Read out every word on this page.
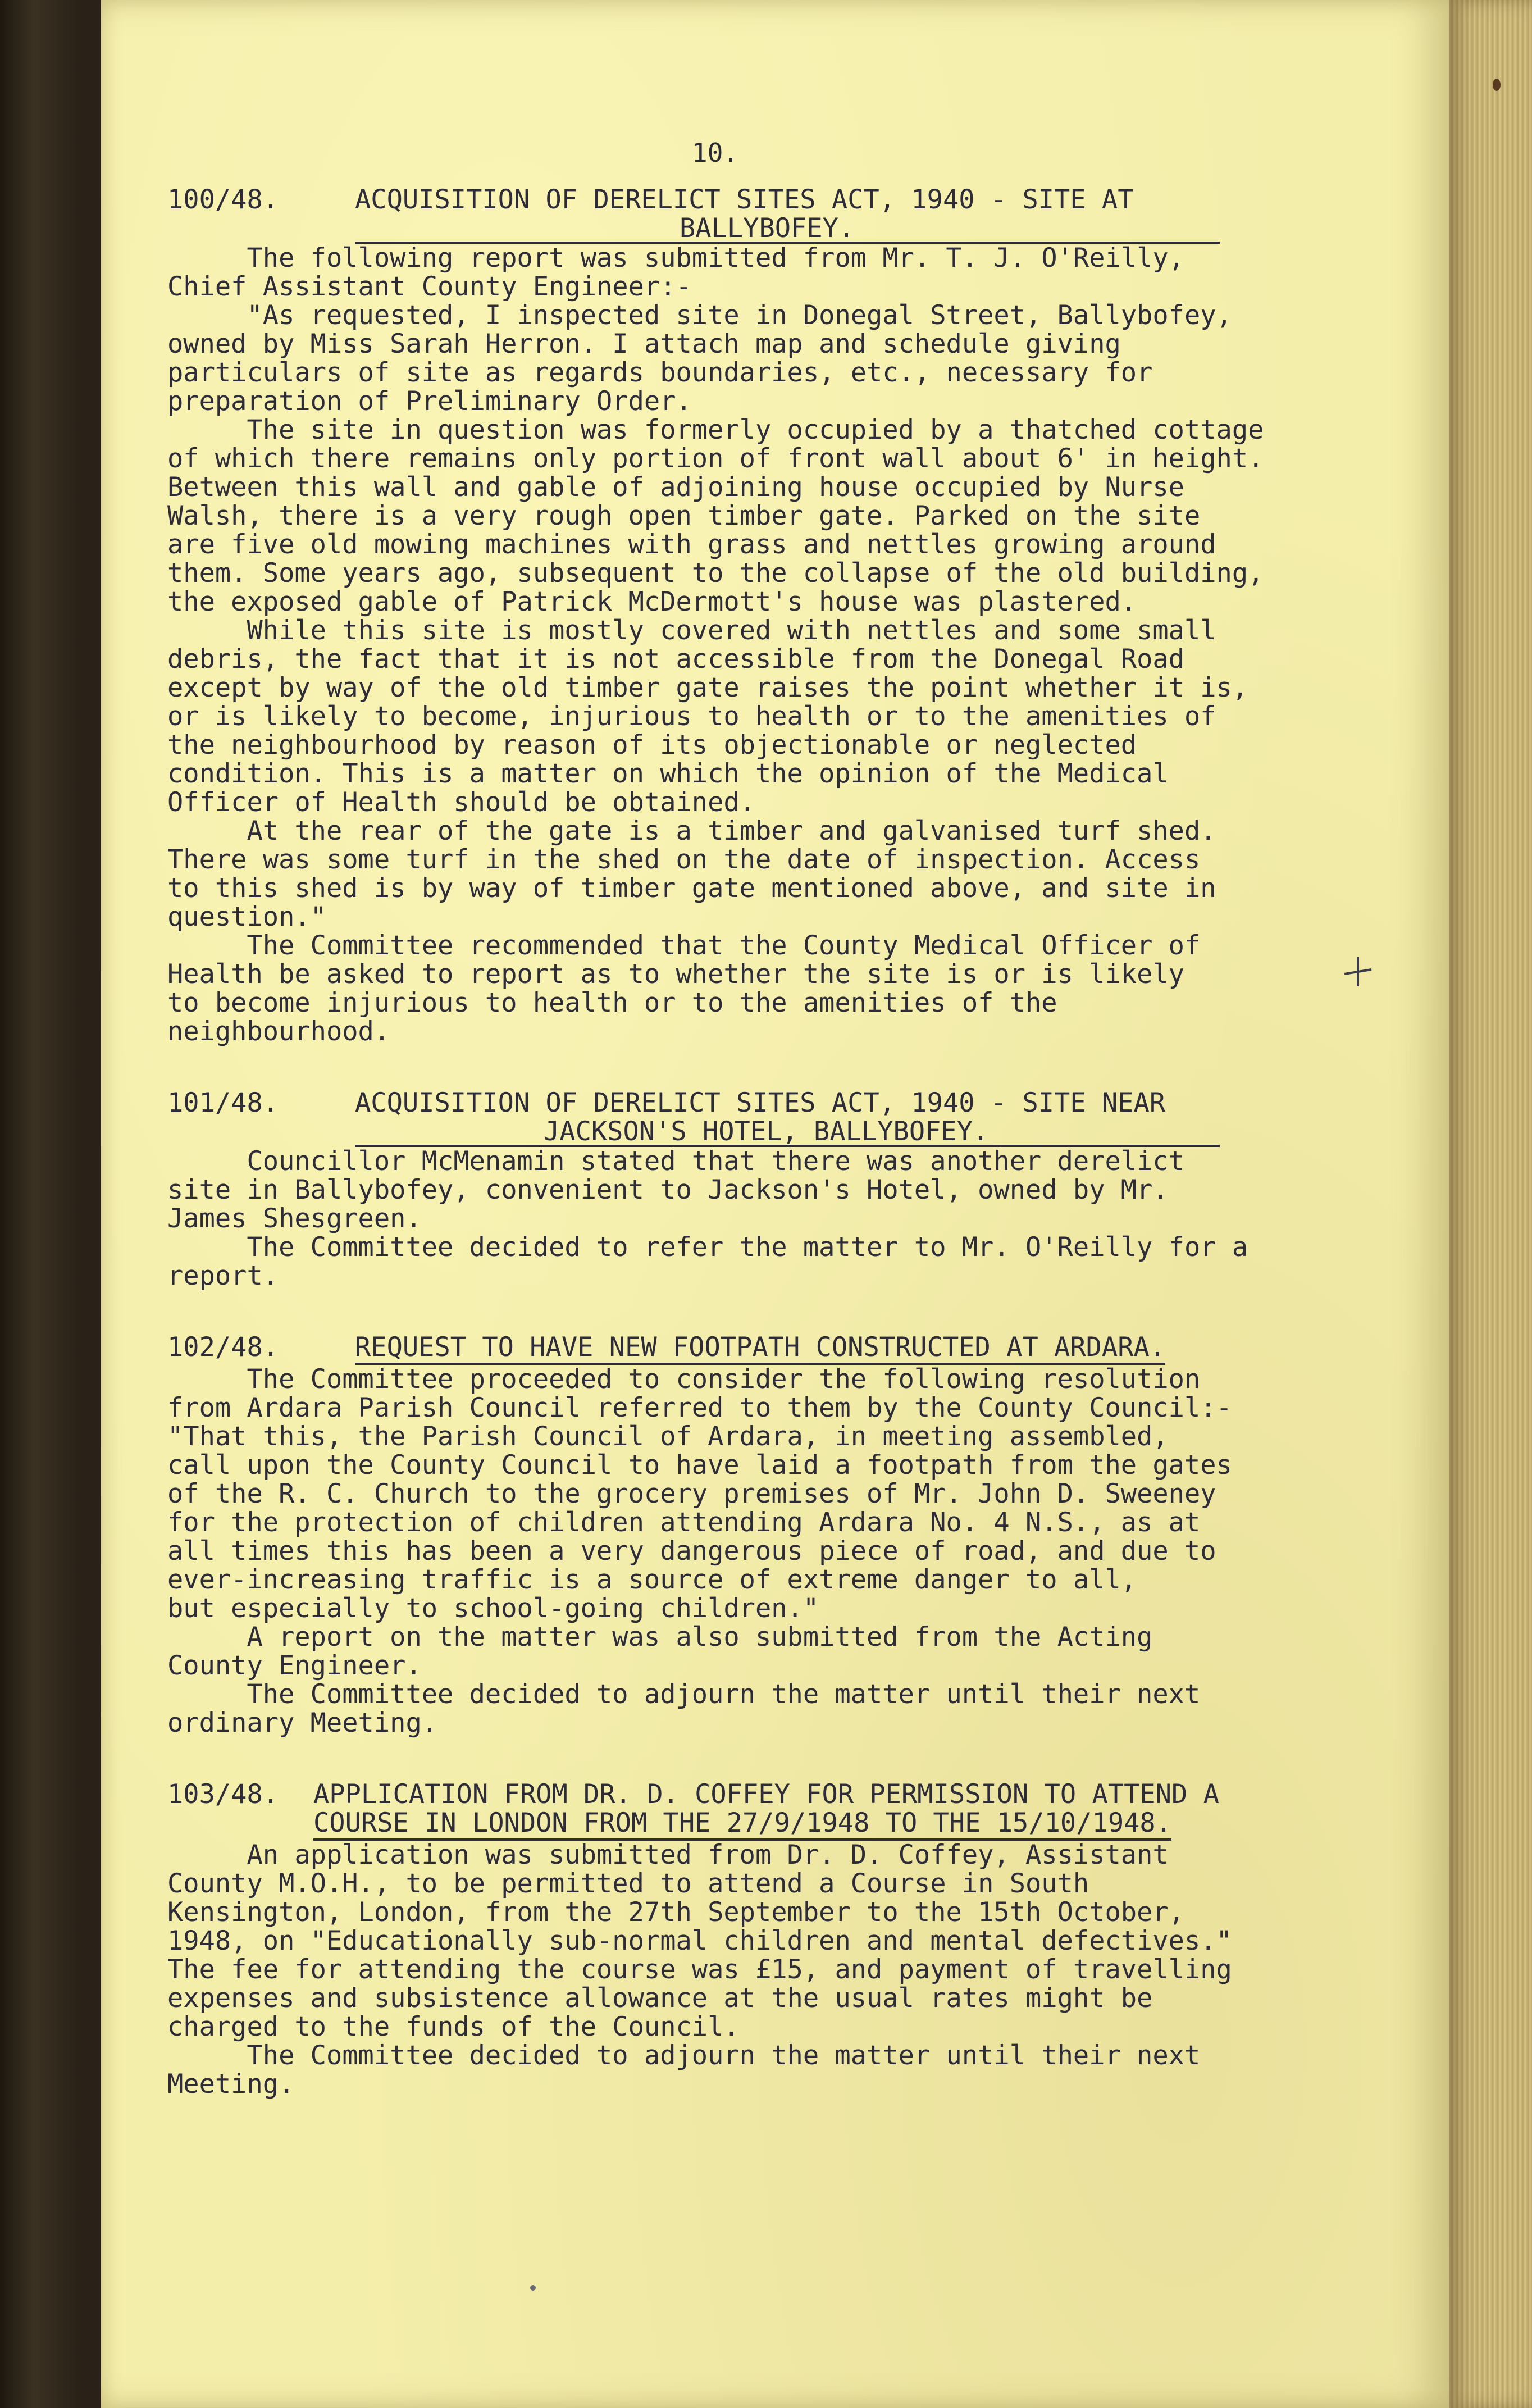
10.
100/48.	ACQUISITION OF DERELICT SITES ACT, 1940 - SITE AT
BALLYBOFEY.
The following report was submitted from Mr. T. J. O'Reilly,
Chief Assistant County Engineer:-
"As requested, I inspected site in Donegal Street, Ballybofey,
owned by Miss Sarah Herron. I attach map and schedule giving
particulars of site as regards boundaries, etc., necessary for
preparation of Preliminary Order.
The site in question was formerly occupied by a thatched cottage
of which there remains only portion of front wall about 6' in height.
Between this wall and gable of adjoining house occupied by Nurse
Walsh, there is a very rough open timber gate. Parked on the site
are five old mowing machines with grass and nettles growing around
them. Some years ago, subsequent to the collapse of the old building,
the exposed gable of Patrick McDermott's house was plastered.
While this site is mostly covered with nettles and some small
debris, the fact that it is not accessible from the Donegal Road
except by way of the old timber gate raises the point whether it is,
or is likely to become, injurious to health or to the amenities of
the neighbourhood by reason of its objectionable or neglected
condition. This is a matter on which the opinion of the Medical
Officer of Health should be obtained.
At the rear of the gate is a timber and galvanised turf shed.
There was some turf in the shed on the date of inspection. Access
to this shed is by way of timber gate mentioned above, and site in
question."
The Committee recommended that the County Medical Officer of
Health be asked to report as to whether the site is or is likely
to become injurious to health or to the amenities of the
neighbourhood.
101/48.	ACQUISITION OF DERELICT SITES ACT, 1940 - SITE NEAR
JACKSON'S HOTEL, BALLYBOFEY.
Councillor McMenamin stated that there was another derelict
site in Ballybofey, convenient to Jackson's Hotel, owned by Mr.
James Shesgreen.
The Committee decided to refer the matter to Mr. O'Reilly for a
report.
102/48.	REQUEST TO HAVE NEW FOOTPATH CONSTRUCTED AT ARDARA.
The Committee proceeded to consider the following resolution
from Ardara Parish Council referred to them by the County Council:-
"That this, the Parish Council of Ardara, in meeting assembled,
call upon the County Council to have laid a footpath from the gates
of the R. C. Church to the grocery premises of Mr. John D. Sweeney
for the protection of children attending Ardara No. 4 N.S., as at
all times this has been a very dangerous piece of road, and due to
ever-increasing traffic is a source of extreme danger to all,
but especially to school-going children."
A report on the matter was also submitted from the Acting
County Engineer.
The Committee decided to adjourn the matter until their next
ordinary Meeting.
103/48.	APPLICATION FROM DR. D. COFFEY FOR PERMISSION TO ATTEND A
COURSE IN LONDON FROM THE 27/9/1948 TO THE 15/10/1948.
An application was submitted from Dr. D. Coffey, Assistant
County M.O.H., to be permitted to attend a Course in South
Kensington, London, from the 27th September to the 15th October,
1948, on "Educationally sub-normal children and mental defectives."
The fee for attending the course was £15, and payment of travelling
expenses and subsistence allowance at the usual rates might be
charged to the funds of the Council.
The Committee decided to adjourn the matter until their next
Meeting.
